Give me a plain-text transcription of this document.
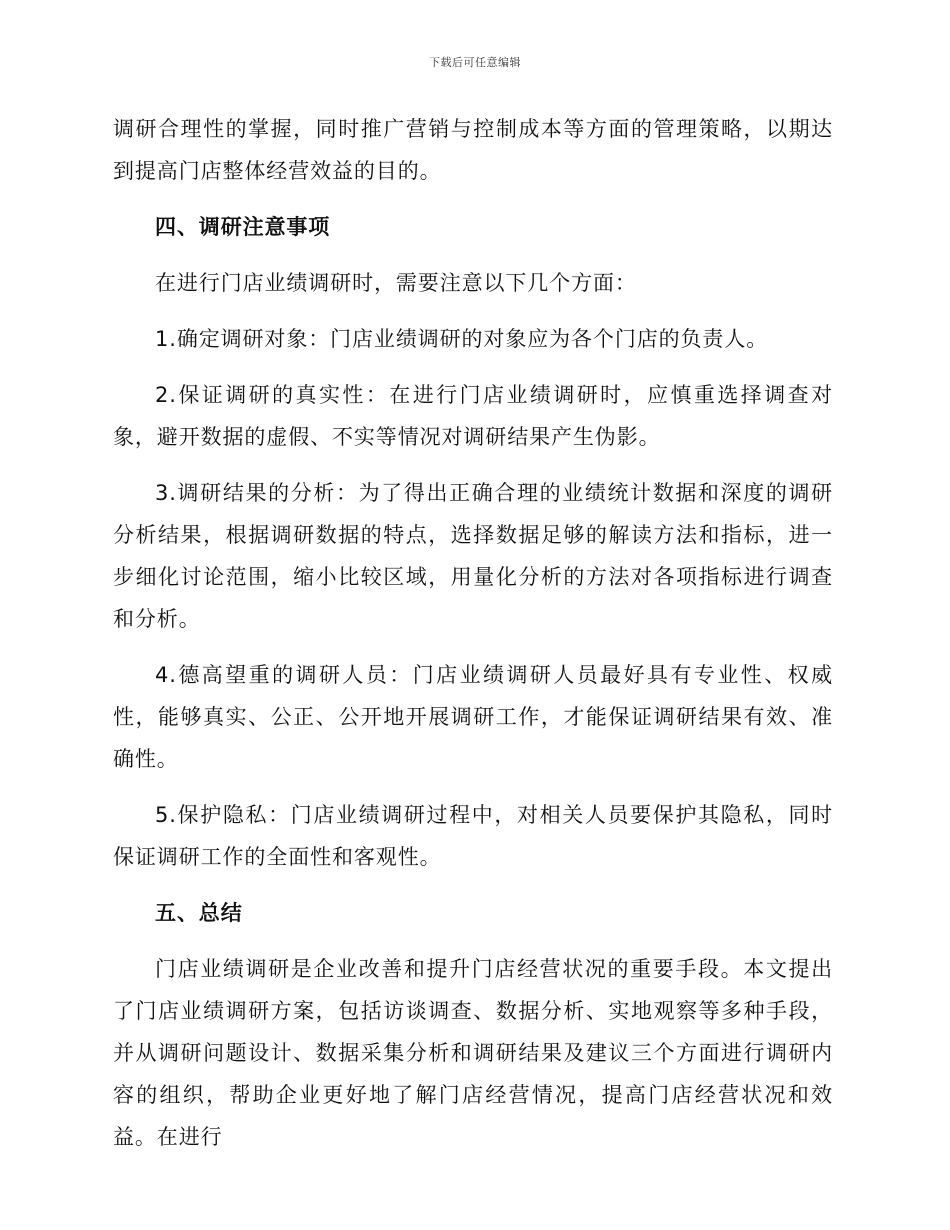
下载后可任意编辑

调研合理性的掌握，同时推广营销与控制成本等方面的管理策略，以期达到提高门店整体经营效益的目的。

四、调研注意事项

在进行门店业绩调研时，需要注意以下几个方面：

1.确定调研对象：门店业绩调研的对象应为各个门店的负责人。

2.保证调研的真实性：在进行门店业绩调研时，应慎重选择调查对象，避开数据的虚假、不实等情况对调研结果产生伪影。

3.调研结果的分析：为了得出正确合理的业绩统计数据和深度的调研分析结果，根据调研数据的特点，选择数据足够的解读方法和指标，进一步细化讨论范围，缩小比较区域，用量化分析的方法对各项指标进行调查和分析。

4.德高望重的调研人员：门店业绩调研人员最好具有专业性、权威性，能够真实、公正、公开地开展调研工作，才能保证调研结果有效、准确性。

5.保护隐私：门店业绩调研过程中，对相关人员要保护其隐私，同时保证调研工作的全面性和客观性。

五、总结

门店业绩调研是企业改善和提升门店经营状况的重要手段。本文提出了门店业绩调研方案，包括访谈调查、数据分析、实地观察等多种手段，并从调研问题设计、数据采集分析和调研结果及建议三个方面进行调研内容的组织，帮助企业更好地了解门店经营情况，提高门店经营状况和效益。在进行
